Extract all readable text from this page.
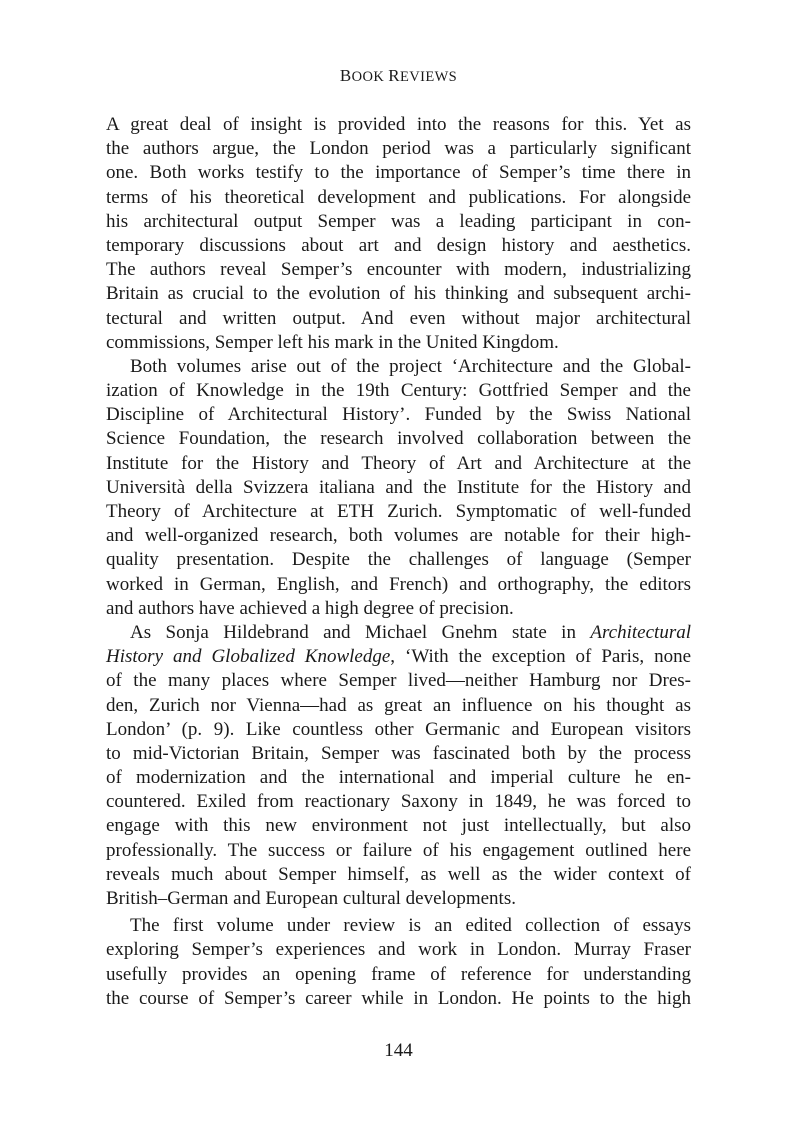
BOOK REVIEWS
A great deal of insight is provided into the reasons for this. Yet as
the authors argue, the London period was a particularly significant
one. Both works testify to the importance of Semper’s time there in
terms of his theoretical development and publications. For alongside
his architectural output Semper was a leading participant in con-
temporary discussions about art and design history and aesthetics.
The authors reveal Semper’s encounter with modern, industrializing
Britain as crucial to the evolution of his thinking and subsequent archi-
tectural and written output. And even without major architectural
commissions, Semper left his mark in the United Kingdom.
Both volumes arise out of the project ‘Architecture and the Global-
ization of Knowledge in the 19th Century: Gottfried Semper and the
Discipline of Architectural History’. Funded by the Swiss National
Science Foundation, the research involved collaboration between the
Institute for the History and Theory of Art and Architecture at the
Università della Svizzera italiana and the Institute for the History and
Theory of Architecture at ETH Zurich. Symptomatic of well-funded
and well-organized research, both volumes are notable for their high-
quality presentation. Despite the challenges of language (Semper
worked in German, English, and French) and orthography, the editors
and authors have achieved a high degree of precision.
As Sonja Hildebrand and Michael Gnehm state in Architectural
History and Globalized Knowledge, ‘With the exception of Paris, none
of the many places where Semper lived—neither Hamburg nor Dres-
den, Zurich nor Vienna—had as great an influence on his thought as
London’ (p. 9). Like countless other Germanic and European visitors
to mid-Victorian Britain, Semper was fascinated both by the process
of modernization and the international and imperial culture he en-
countered. Exiled from reactionary Saxony in 1849, he was forced to
engage with this new environment not just intellectually, but also
professionally. The success or failure of his engagement outlined here
reveals much about Semper himself, as well as the wider context of
British–German and European cultural developments.
The first volume under review is an edited collection of essays
exploring Semper’s experiences and work in London. Murray Fraser
usefully provides an opening frame of reference for understanding
the course of Semper’s career while in London. He points to the high
144
